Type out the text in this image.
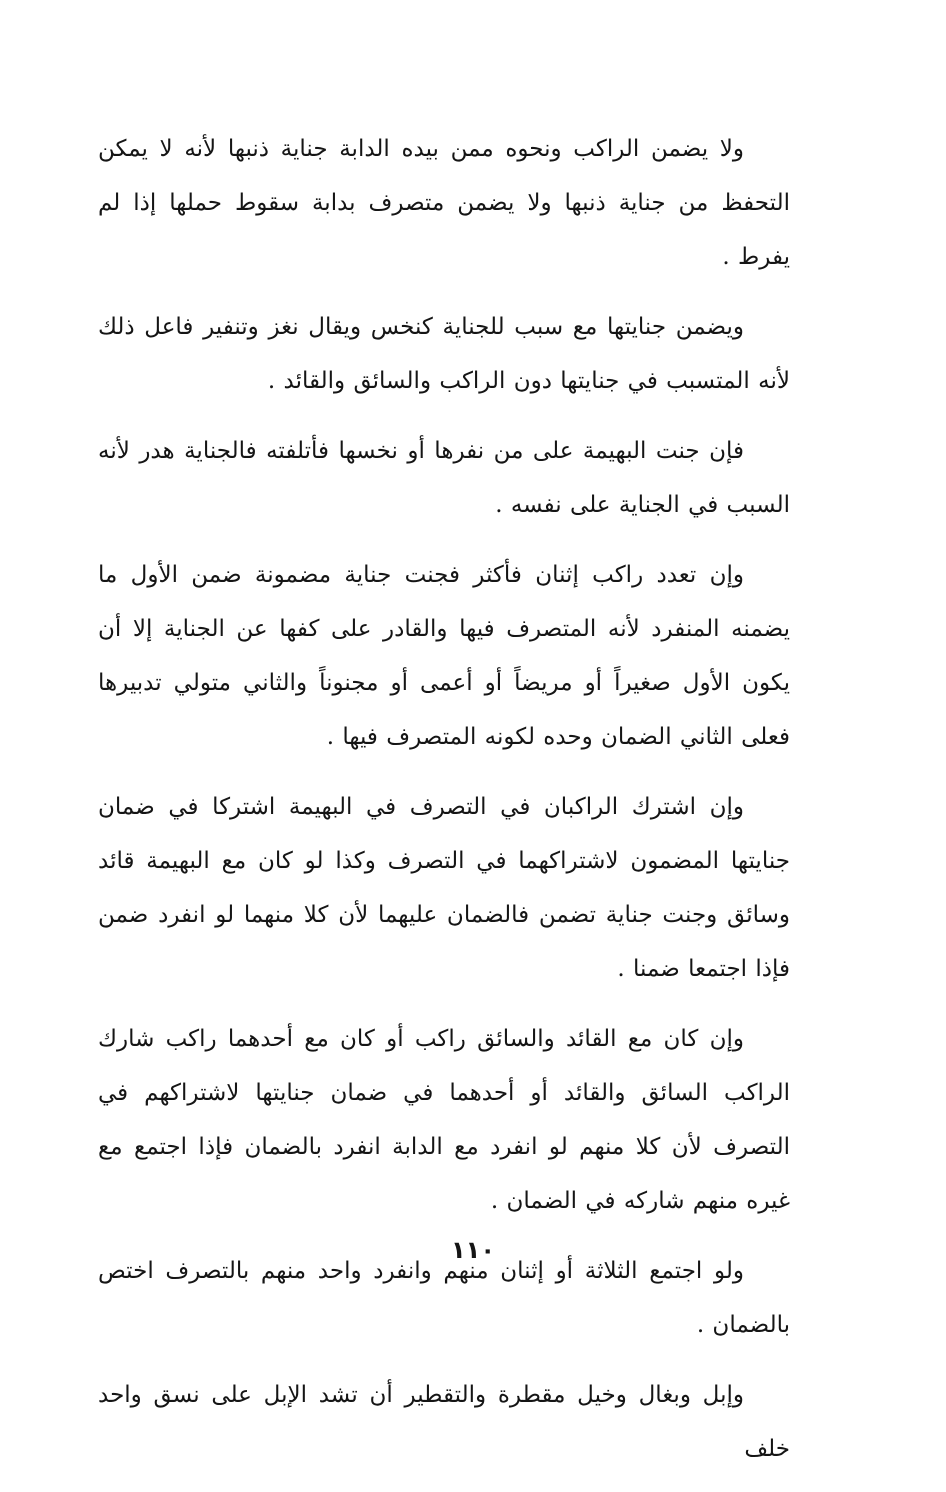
ولا يضمن الراكب ونحوه ممن بيده الدابة جناية ذنبها لأنه لا يمكن التحفظ من جناية ذنبها ولا يضمن متصرف بدابة سقوط حملها إذا لم يفرط .

ويضمن جنايتها مع سبب للجناية كنخس ويقال نغز وتنفير فاعل ذلك لأنه المتسبب في جنايتها دون الراكب والسائق والقائد .

فإن جنت البهيمة على من نفرها أو نخسها فأتلفته فالجناية هدر لأنه السبب في الجناية على نفسه .

وإن تعدد راكب إثنان فأكثر فجنت جناية مضمونة ضمن الأول ما يضمنه المنفرد لأنه المتصرف فيها والقادر على كفها عن الجناية إلا أن يكون الأول صغيراً أو مريضاً أو أعمى أو مجنوناً والثاني متولي تدبيرها فعلى الثاني الضمان وحده لكونه المتصرف فيها .

وإن اشترك الراكبان في التصرف في البهيمة اشتركا في ضمان جنايتها المضمون لاشتراكهما في التصرف وكذا لو كان مع البهيمة قائد وسائق وجنت جناية تضمن فالضمان عليهما لأن كلا منهما لو انفرد ضمن فإذا اجتمعا ضمنا .

وإن كان مع القائد والسائق راكب أو كان مع أحدهما راكب شارك الراكب السائق والقائد أو أحدهما في ضمان جنايتها لاشتراكهم في التصرف لأن كلا منهم لو انفرد مع الدابة انفرد بالضمان فإذا اجتمع مع غيره منهم شاركه في الضمان .

ولو اجتمع الثلاثة أو إثنان منهم وانفرد واحد منهم بالتصرف اختص بالضمان .

وإبل وبغال وخيل مقطرة والتقطير أن تشد الإبل على نسق واحد خلف

١١٠
